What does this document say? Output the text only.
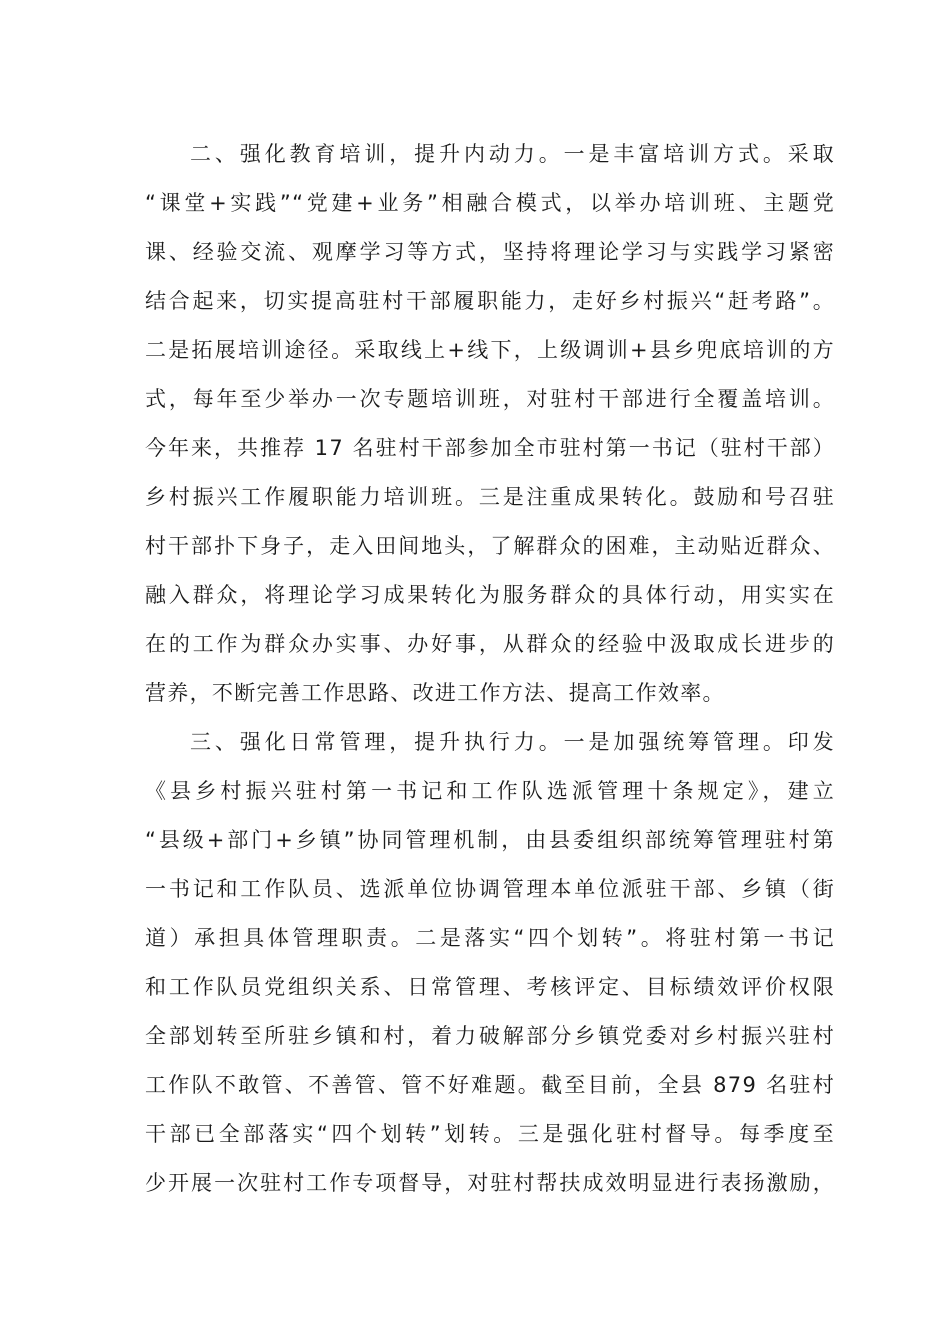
二、强化教育培训，提升内动力。一是丰富培训方式。采取
“课堂+实践”“党建+业务”相融合模式，以举办培训班、主题党
课、经验交流、观摩学习等方式，坚持将理论学习与实践学习紧密
结合起来，切实提高驻村干部履职能力，走好乡村振兴“赶考路”。
二是拓展培训途径。采取线上+线下，上级调训+县乡兜底培训的方
式，每年至少举办一次专题培训班，对驻村干部进行全覆盖培训。
今年来，共推荐 17 名驻村干部参加全市驻村第一书记（驻村干部）
乡村振兴工作履职能力培训班。三是注重成果转化。鼓励和号召驻
村干部扑下身子，走入田间地头，了解群众的困难，主动贴近群众、
融入群众，将理论学习成果转化为服务群众的具体行动，用实实在
在的工作为群众办实事、办好事，从群众的经验中汲取成长进步的
营养，不断完善工作思路、改进工作方法、提高工作效率。
三、强化日常管理，提升执行力。一是加强统筹管理。印发
《县乡村振兴驻村第一书记和工作队选派管理十条规定》，建立
“县级+部门+乡镇”协同管理机制，由县委组织部统筹管理驻村第
一书记和工作队员、选派单位协调管理本单位派驻干部、乡镇（街
道）承担具体管理职责。二是落实“四个划转”。将驻村第一书记
和工作队员党组织关系、日常管理、考核评定、目标绩效评价权限
全部划转至所驻乡镇和村，着力破解部分乡镇党委对乡村振兴驻村
工作队不敢管、不善管、管不好难题。截至目前，全县 879 名驻村
干部已全部落实“四个划转”划转。三是强化驻村督导。每季度至
少开展一次驻村工作专项督导，对驻村帮扶成效明显进行表扬激励，
